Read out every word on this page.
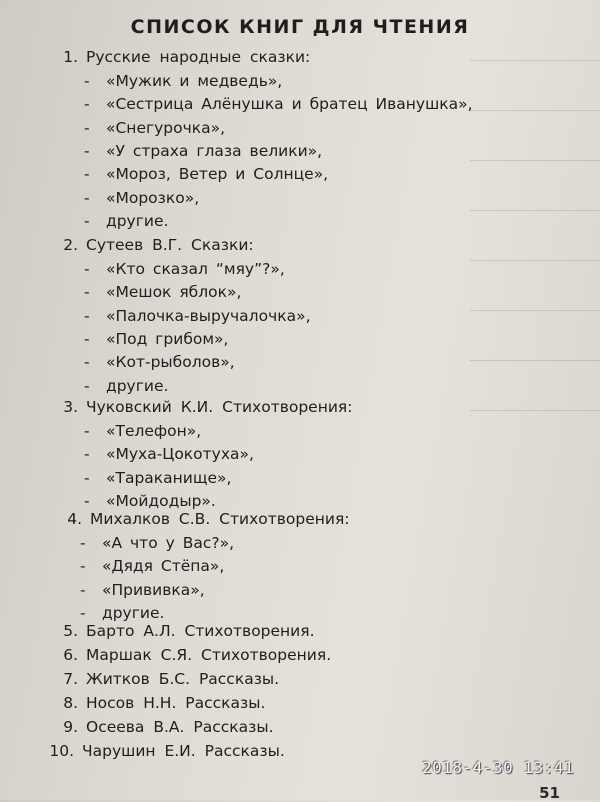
СПИСОК КНИГ ДЛЯ ЧТЕНИЯ
1. Русские народные сказки:
- «Мужик и медведь»,
- «Сестрица Алёнушка и братец Иванушка»,
- «Снегурочка»,
- «У страха глаза велики»,
- «Мороз, Ветер и Солнце»,
- «Морозко»,
- другие.
2. Сутеев В.Г. Сказки:
- «Кто сказал “мяу”?»,
- «Мешок яблок»,
- «Палочка-выручалочка»,
- «Под грибом»,
- «Кот-рыболов»,
- другие.
3. Чуковский К.И. Стихотворения:
- «Телефон»,
- «Муха-Цокотуха»,
- «Тараканище»,
- «Мойдодыр».
4. Михалков С.В. Стихотворения:
- «А что у Вас?»,
- «Дядя Стёпа»,
- «Прививка»,
- другие.
5. Барто А.Л. Стихотворения.
6. Маршак С.Я. Стихотворения.
7. Житков Б.С. Рассказы.
8. Носов Н.Н. Рассказы.
9. Осеева В.А. Рассказы.
10. Чарушин Е.И. Рассказы.
2018-4-30 13:41
51
